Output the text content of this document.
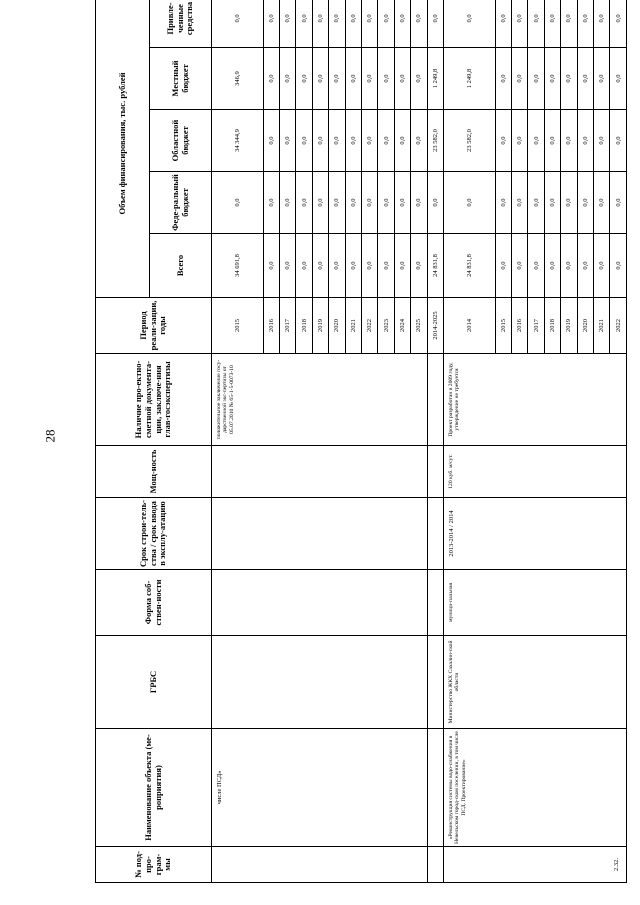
28
№ под-про-грам-мы	Наименование объекта (ме-роприятия)	ГРБС	Форма соб-ствен-ности	Срок строи-тель-ства / срок ввода в эксплу-атацию	Мощ-ность	Наличие про-ектно-сметной документа-ции, заключе-ния глав-госэкспертизы	Период реали-зации, годы	Объем финансирования, тыс. рублей	
								Всего	Феде-ральный бюджет	Областной бюджет	Местный бюджет	Привле-ченные средства	
	числе ПСД»					положительное заключение госу-дарственной экс-пертизы от 05.07.2010 № 65-1-5-0073-10	2015	34 691,8	0,0	34 344,9	346,9	0,0	
							2016	0,0	0,0	0,0	0,0	0,0	
							2017	0,0	0,0	0,0	0,0	0,0	
							2018	0,0	0,0	0,0	0,0	0,0	
							2019	0,0	0,0	0,0	0,0	0,0	
							2020	0,0	0,0	0,0	0,0	0,0	
							2021	0,0	0,0	0,0	0,0	0,0	
							2022	0,0	0,0	0,0	0,0	0,0	
							2023	0,0	0,0	0,0	0,0	0,0	
							2024	0,0	0,0	0,0	0,0	0,0	
							2025	0,0	0,0	0,0	0,0	0,0	
							2014-2025	24 831,8	0,0	23 582,0	1 249,8	0,0	
2.32.	«Реконструкция системы водо-снабжения в Невельском город-ском поселении, в том числе ПСД. Проектирование»	Министерство ЖКХ Сахалин-ской области	муници-пальная	2013-2014 / 2014	120 куб. м/сут.	Проект разработан в 2009 году, утверждение не требуется	2014	24 831,8	0,0	23 582,0	1 249,8	0,0	
							2015	0,0	0,0	0,0	0,0	0,0	
							2016	0,0	0,0	0,0	0,0	0,0	
							2017	0,0	0,0	0,0	0,0	0,0	
							2018	0,0	0,0	0,0	0,0	0,0	
							2019	0,0	0,0	0,0	0,0	0,0	
							2020	0,0	0,0	0,0	0,0	0,0	
							2021	0,0	0,0	0,0	0,0	0,0	
							2022	0,0	0,0	0,0	0,0	0,0	
